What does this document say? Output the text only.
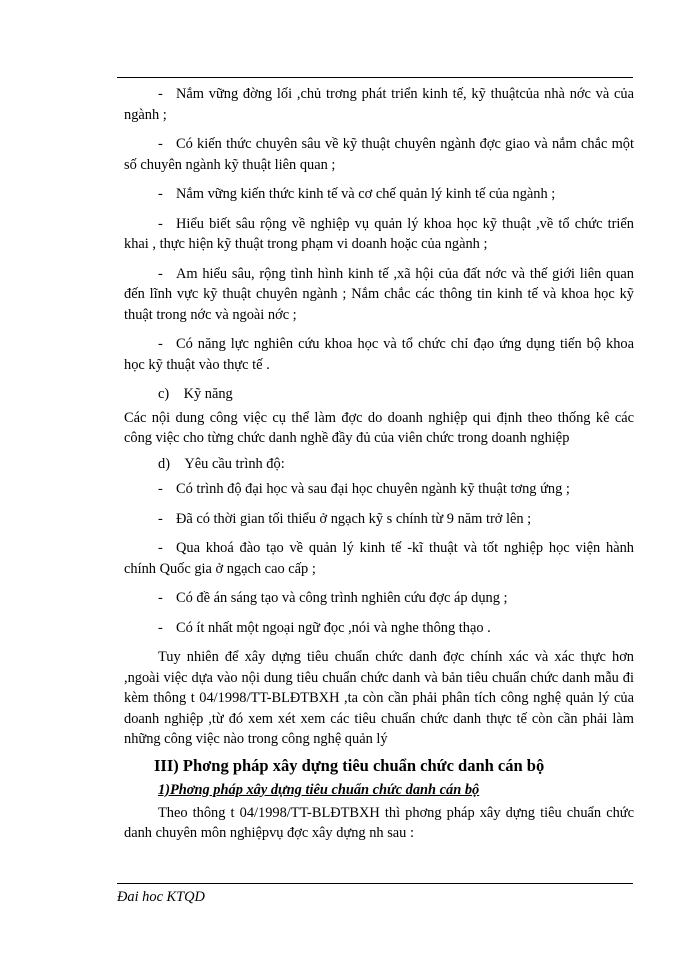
- Nắm vững đờng lối ,chủ trơng phát triển kinh tế, kỹ thuậtcủa nhà nớc và của ngành ;
- Có kiến thức chuyên sâu về kỹ thuật chuyên ngành đợc giao và nắm chắc một số chuyên ngành kỹ thuật liên quan ;
- Nắm vững kiến thức kinh tế và cơ chế quản lý kinh tế của ngành ;
- Hiểu biết sâu rộng về nghiệp vụ quản lý khoa học kỹ thuật ,về tổ chức triển khai , thực hiện kỹ thuật trong phạm vi doanh hoặc của ngành ;
- Am hiểu sâu, rộng tình hình kinh tế ,xã hội của đất nớc và thế giới liên quan đến lĩnh vực kỹ thuật chuyên ngành ; Nắm chắc các thông tin kinh tế và khoa học kỹ thuật trong nớc và ngoài nớc ;
- Có năng lực nghiên cứu khoa học và tổ chức chỉ đạo ứng dụng tiến bộ khoa học kỹ thuật vào thực tế .
c) Kỹ năng
Các nội dung công việc cụ thể làm đợc do doanh nghiệp qui định theo thống kê các công việc cho từng chức danh nghề đầy đủ của viên chức trong doanh nghiệp
d) Yêu cầu trình độ:
- Có trình độ đại học và sau đại học chuyên ngành kỹ thuật tơng ứng ;
- Đã có thời gian tối thiểu ở ngạch kỹ s chính từ 9 năm trở lên ;
- Qua khoá đào tạo về quản lý kinh tế -kĩ thuật và tốt nghiệp học viện hành chính Quốc gia ở ngạch cao cấp ;
- Có đề án sáng tạo và công trình nghiên cứu đợc áp dụng ;
- Có ít nhất một ngoại ngữ đọc ,nói và nghe thông thạo .
Tuy nhiên để xây dựng tiêu chuẩn chức danh đợc chính xác và xác thực hơn ,ngoài việc dựa vào nội dung tiêu chuẩn chức danh và bản tiêu chuẩn chức danh mẫu đi kèm thông t 04/1998/TT-BLĐTBXH ,ta còn cần phải phân tích công nghệ quản lý của doanh nghiệp ,từ đó xem xét xem các tiêu chuẩn chức danh thực tế còn cần phải làm những công việc nào trong công nghệ quản lý
III) Phơng pháp xây dựng tiêu chuẩn chức danh cán bộ
1)Phơng pháp xây dựng tiêu chuẩn chức danh cán bộ
Theo thông t 04/1998/TT-BLĐTBXH thì phơng pháp xây dựng tiêu chuẩn chức danh chuyên môn nghiệpvụ đợc xây dựng nh sau :
Đai hoc KTQD
